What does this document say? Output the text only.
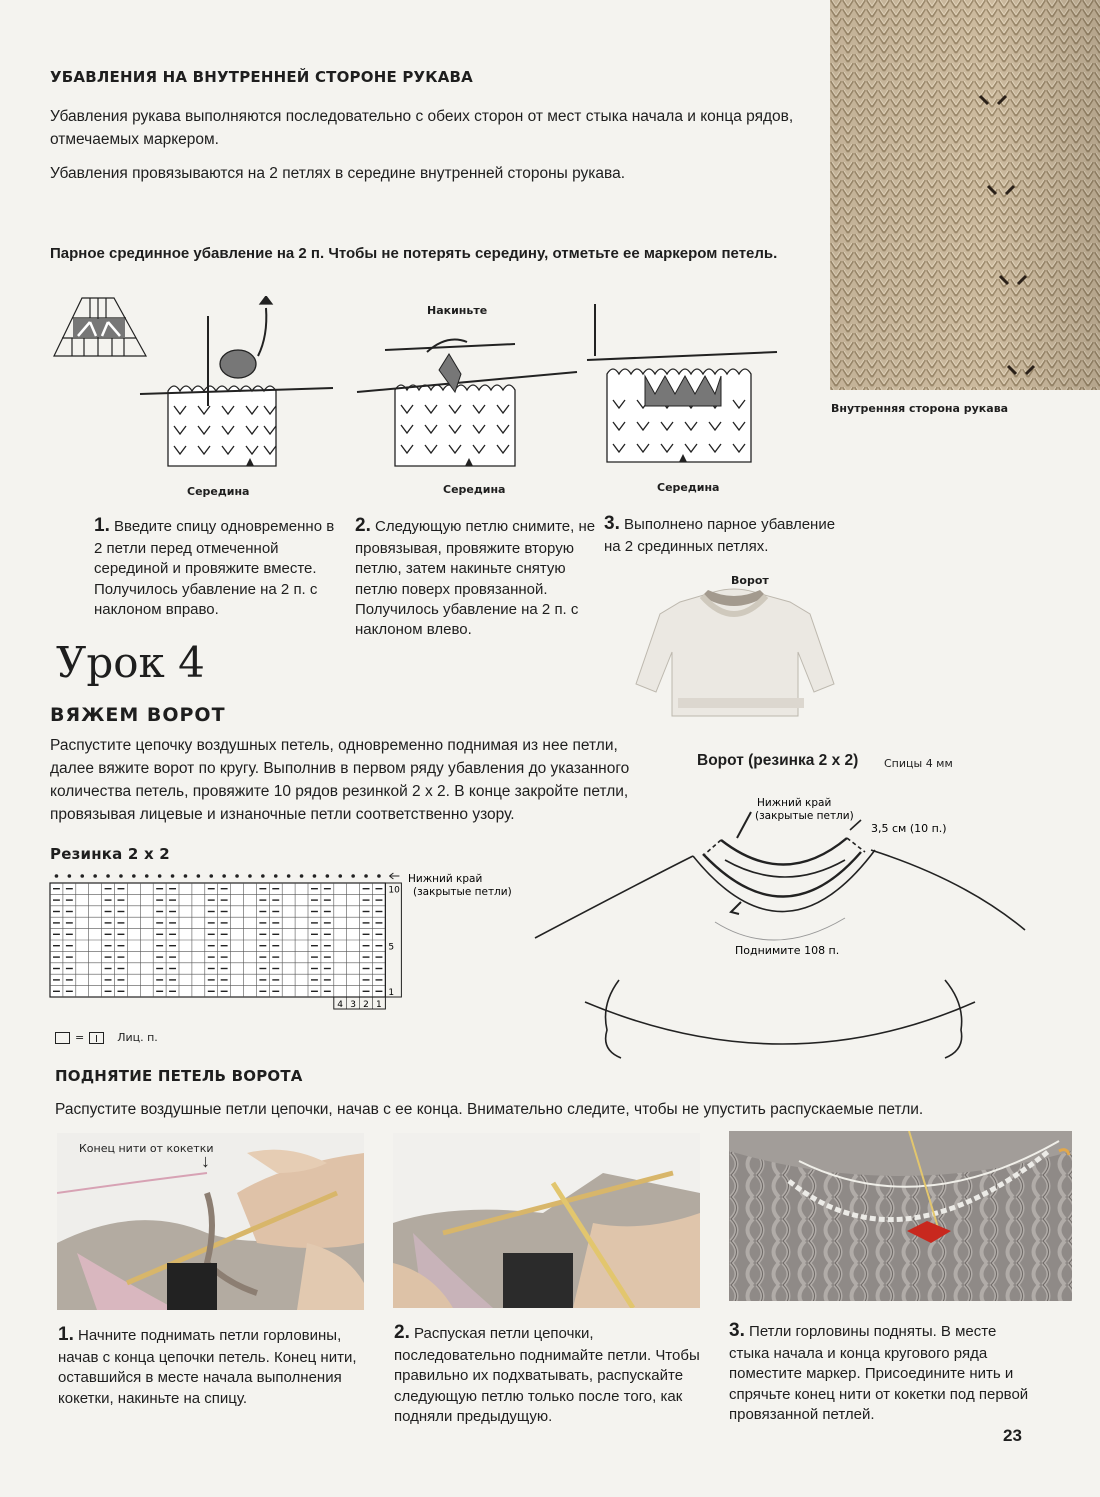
Внутренняя сторона рукава
УБАВЛЕНИЯ НА ВНУТРЕННЕЙ СТОРОНЕ РУКАВА
Убавления рукава выполняются последовательно с обеих сторон от мест стыка начала и конца рядов, отмечаемых маркером.
Убавления провязываются на 2 петлях в середине внутренней стороны рукава.
Парное срединное убавление на 2 п. Чтобы не потерять середину, отметьте ее маркером петель.
Накиньте
Середина	Середина	Середина
1. Введите спицу одновременно в 2 петли перед отмеченной серединой и провяжите вместе. Получилось убавление на 2 п. с наклоном вправо.
2. Следующую петлю снимите, не провязывая, провяжите вторую петлю, затем накиньте снятую петлю поверх провязанной. Получилось убавление на 2 п. с наклоном влево.
3. Выполнено парное убавление на 2 срединных петлях.
Урок 4
ВЯЖЕМ ВОРОТ
Распустите цепочку воздушных петель, одновременно поднимая из нее петли, далее вяжите ворот по кругу. Выполнив в первом ряду убавления до указанного количества петель, провяжите 10 рядов резинкой 2 х 2. В конце закройте петли, провязывая лицевые и изнаночные петли соответственно узору.
Ворот
Резинка 2 х 2
10
5
1
4 3 2 1
Нижний край
(закрытые петли)
=	Лиц. п.
Ворот (резинка 2 х 2) Спицы 4 мм
Нижний край
(закрытые петли)
3,5 см (10 п.)
Поднимите 108 п.
ПОДНЯТИЕ ПЕТЕЛЬ ВОРОТА
Распустите воздушные петли цепочки, начав с ее конца. Внимательно следите, чтобы не упустить распускаемые петли.
Конец нити от кокетки
↓
1. Начните поднимать петли горловины, начав с конца цепочки петель. Конец нити, оставшийся в месте начала выполнения кокетки, накиньте на спицу.
2. Распуская петли цепочки, последовательно поднимайте петли. Чтобы правильно их подхватывать, распускайте следующую петлю только после того, как подняли предыдущую.
3. Петли горловины подняты. В месте стыка начала и конца кругового ряда поместите маркер. Присоедините нить и спрячьте конец нити от кокетки под первой провязанной петлей.
23
